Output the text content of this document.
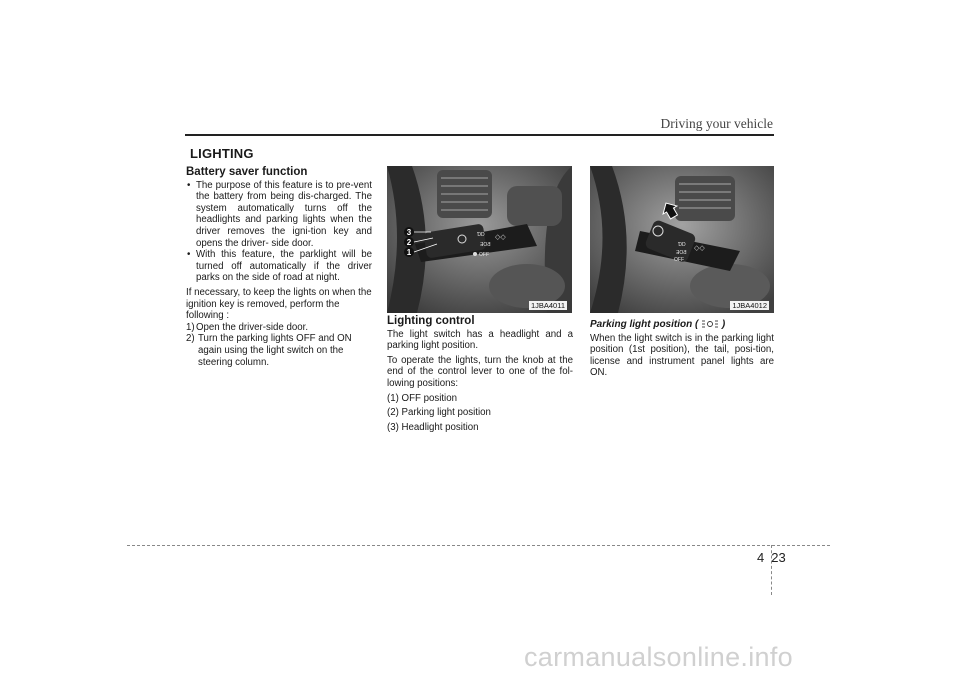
Driving your vehicle
LIGHTING
Battery saver function
• The purpose of this feature is to pre-vent the battery from being dis-charged. The system automatically turns off the headlights and parking lights when the driver removes the igni-tion key and opens the driver- side door.
• With this feature, the parklight will be turned off automatically if the driver parks on the side of road at night.
If necessary, to keep the lights on when the ignition key is removed, perform the following :
1) Open the driver-side door.
2) Turn the parking lights OFF and ON again using the light switch on the steering column.
ƊD
ƎOƋ
OFF
◇◇
3
2
1
1JBA4011
ƊD
ƎOƋ
OFF
◇◇
1JBA4012
Lighting control
The light switch has a headlight and a parking light position.
To operate the lights, turn the knob at the end of the control lever to one of the fol-lowing positions:
(1) OFF position
(2) Parking light position
(3) Headlight position
Parking light position ( )
When the light switch is in the parking light position (1st position), the tail, posi-tion, license and instrument panel lights are ON.
4 23
carmanualsonline.info
